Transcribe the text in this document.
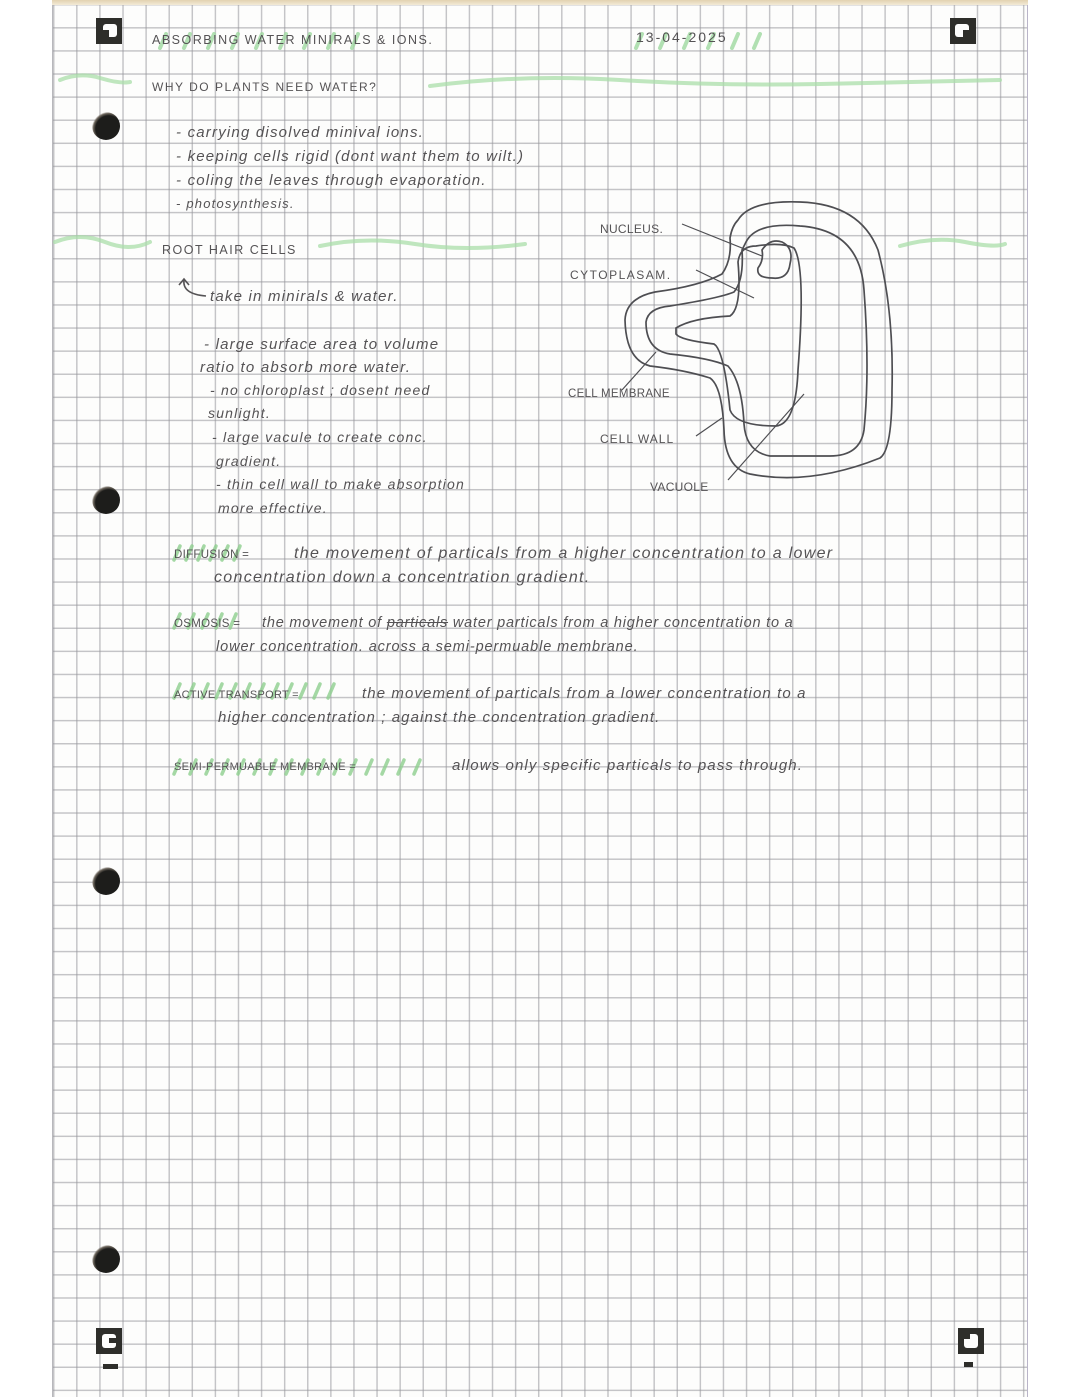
ABSORBING WATER MINIRALS & IONS.	13-04-2025
WHY DO PLANTS NEED WATER?
- carrying disolved minival ions.
- keeping cells rigid (dont want them to wilt.)
- coling the leaves through evaporation.
- photosynthesis.
ROOT HAIR CELLS
take in minirals & water.
- large surface area to volume
ratio to absorb more water.
- no chloroplast ; dosent need
sunlight.
- large vacule to create conc.
gradient.
- thin cell wall to make absorption
more effective.
NUCLEUS.
CYTOPLASAM.
CELL MEMBRANE
CELL WALL
VACUOLE
DIFFUSION =	the movement of particals from a higher concentration to a lower
concentration down a concentration gradient.
OSMOSIS = the movement of particals water particals from a higher concentration to a
lower concentration. across a semi-permuable membrane.
ACTIVE TRANSPORT =	the movement of particals from a lower concentration to a
higher concentration ; against the concentration gradient.
SEMI-PERMUABLE MEMBRANE =	allows only specific particals to pass through.
